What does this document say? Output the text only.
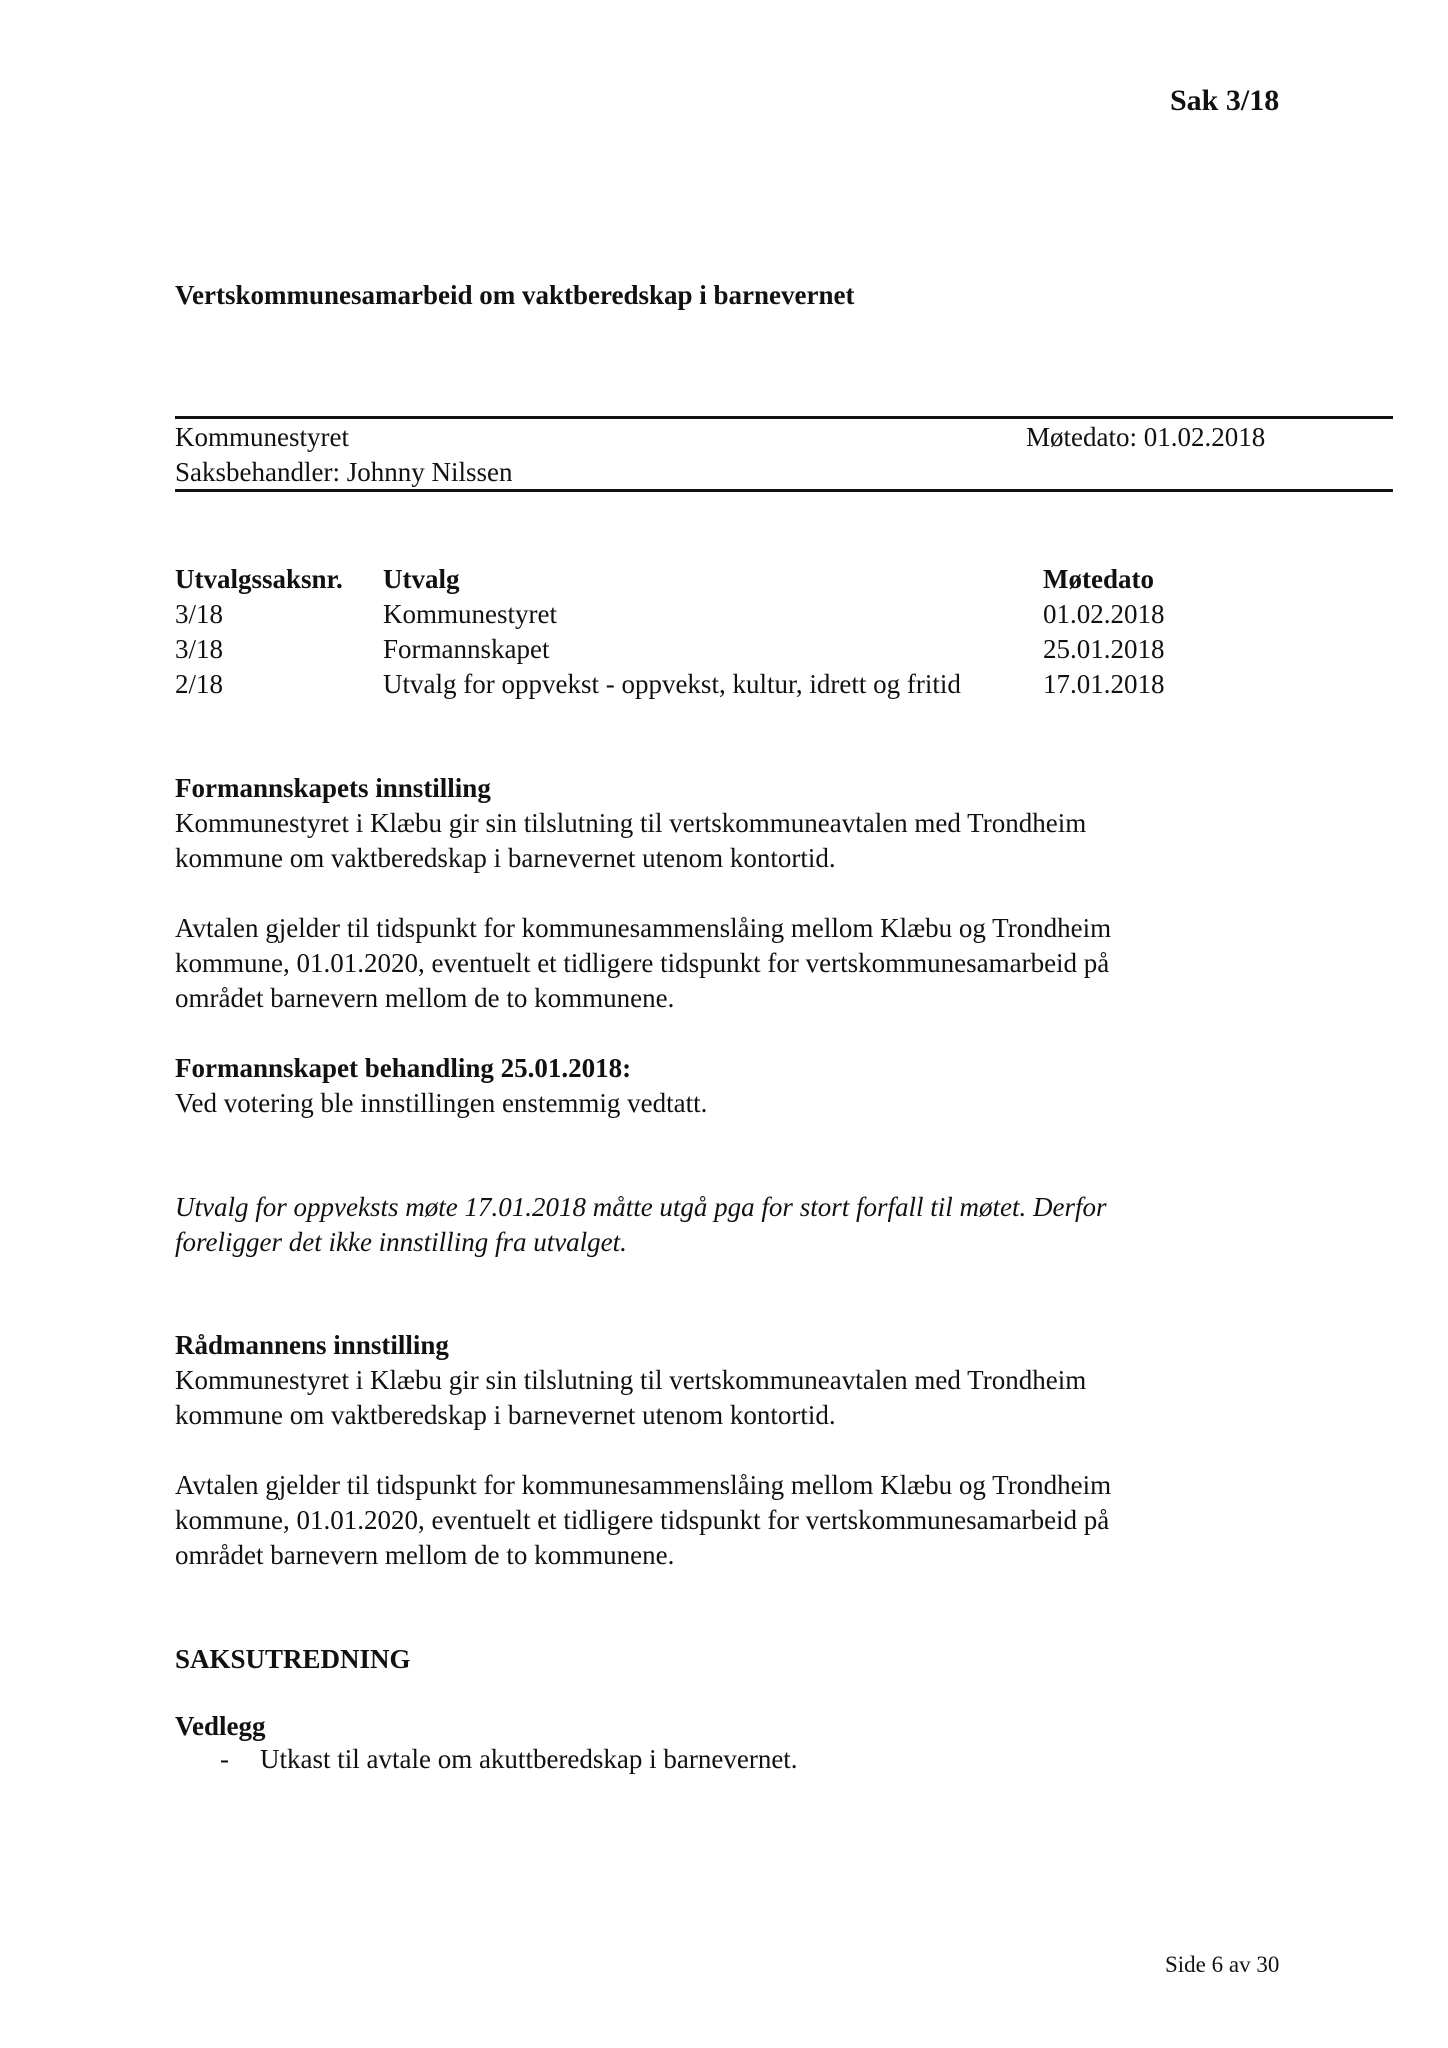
Sak 3/18
Vertskommunesamarbeid om vaktberedskap i barnevernet
Kommunestyret
Saksbehandler: Johnny Nilssen
Møtedato: 01.02.2018
Utvalgssaksnr.	Utvalg	Møtedato
3/18	Kommunestyret	01.02.2018
3/18	Formannskapet	25.01.2018
2/18	Utvalg for oppvekst - oppvekst, kultur, idrett og fritid	17.01.2018
Formannskapets innstilling
Kommunestyret i Klæbu gir sin tilslutning til vertskommuneavtalen med Trondheim
kommune om vaktberedskap i barnevernet utenom kontortid.
Avtalen gjelder til tidspunkt for kommunesammenslåing mellom Klæbu og Trondheim
kommune, 01.01.2020, eventuelt et tidligere tidspunkt for vertskommunesamarbeid på
området barnevern mellom de to kommunene.
Formannskapet behandling 25.01.2018:
Ved votering ble innstillingen enstemmig vedtatt.
Utvalg for oppveksts møte 17.01.2018 måtte utgå pga for stort forfall til møtet. Derfor
foreligger det ikke innstilling fra utvalget.
Rådmannens innstilling
Kommunestyret i Klæbu gir sin tilslutning til vertskommuneavtalen med Trondheim
kommune om vaktberedskap i barnevernet utenom kontortid.
Avtalen gjelder til tidspunkt for kommunesammenslåing mellom Klæbu og Trondheim
kommune, 01.01.2020, eventuelt et tidligere tidspunkt for vertskommunesamarbeid på
området barnevern mellom de to kommunene.
SAKSUTREDNING
Vedlegg
- Utkast til avtale om akuttberedskap i barnevernet.
Side 6 av 30
